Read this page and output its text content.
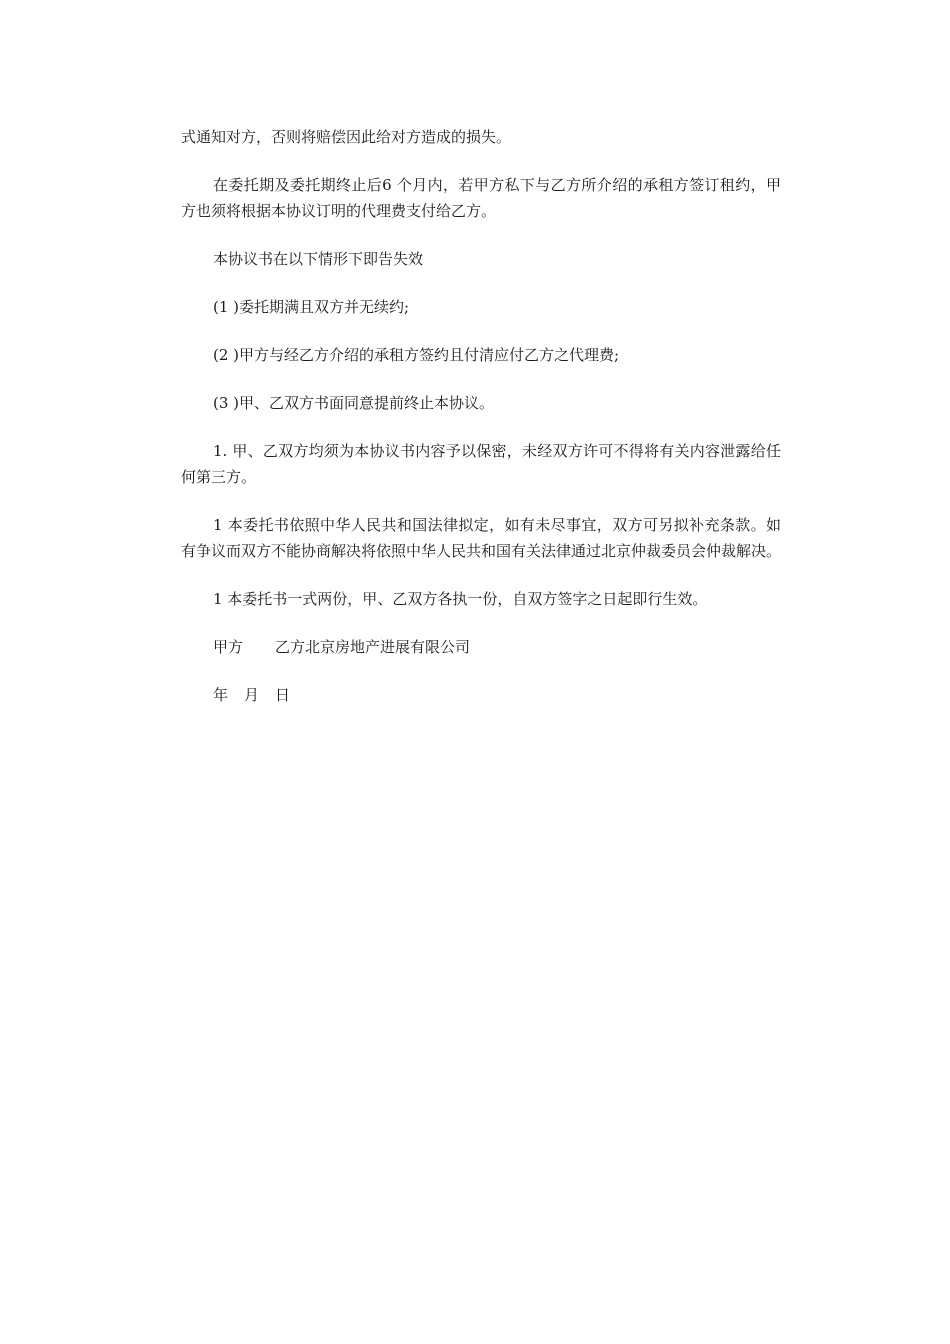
式通知对方，否则将赔偿因此给对方造成的损失。

在委托期及委托期终止后6 个月内，若甲方私下与乙方所介绍的承租方签订租约，甲方也须将根据本协议订明的代理费支付给乙方。

本协议书在以下情形下即告失效

(1 )委托期满且双方并无续约;

(2 )甲方与经乙方介绍的承租方签约且付清应付乙方之代理费;

(3 )甲、乙双方书面同意提前终止本协议。

1. 甲、乙双方均须为本协议书内容予以保密，未经双方许可不得将有关内容泄露给任何第三方。

1 本委托书依照中华人民共和国法律拟定，如有未尽事宜，双方可另拟补充条款。如有争议而双方不能协商解决将依照中华人民共和国有关法律通过北京仲裁委员会仲裁解决。

1 本委托书一式两份，甲、乙双方各执一份，自双方签字之日起即行生效。

甲方 乙方北京房地产进展有限公司
年 月 日
